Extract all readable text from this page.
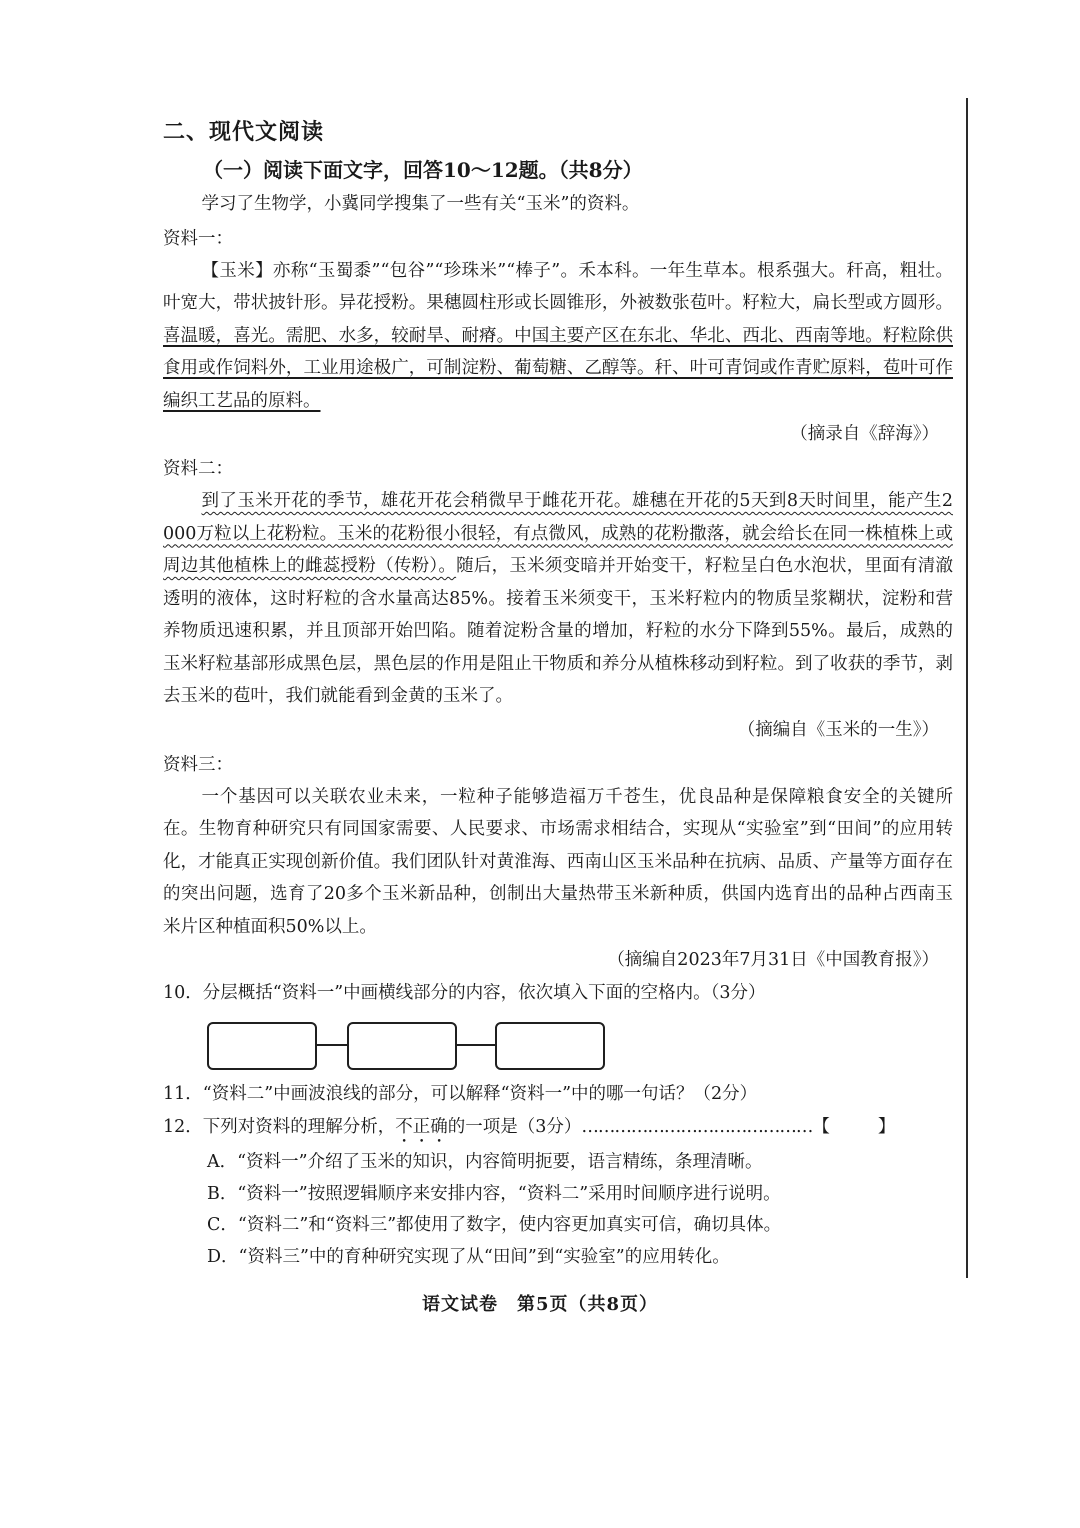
二、现代文阅读
（一）阅读下面文字，回答10～12题。（共8分）

学习了生物学，小冀同学搜集了一些有关“玉米”的资料。

资料一：

【玉米】亦称“玉蜀黍”“包谷”“珍珠米”“棒子”。禾本科。一年生草本。根系强大。秆高，粗壮。叶宽大，带状披针形。异花授粉。果穗圆柱形或长圆锥形，外被数张苞叶。籽粒大，扁长型或方圆形。喜温暖，喜光。需肥、水多，较耐旱、耐瘠。中国主要产区在东北、华北、西北、西南等地。籽粒除供食用或作饲料外，工业用途极广，可制淀粉、葡萄糖、乙醇等。秆、叶可青饲或作青贮原料，苞叶可作编织工艺品的原料。

（摘录自《辞海》）

资料二：

到了玉米开花的季节，雄花开花会稍微早于雌花开花。雄穗在开花的5天到8天时间里，能产生2 000万粒以上花粉粒。玉米的花粉很小很轻，有点微风，成熟的花粉撒落，就会给长在同一株植株上或周边其他植株上的雌蕊授粉（传粉）。随后，玉米须变暗并开始变干，籽粒呈白色水泡状，里面有清澈透明的液体，这时籽粒的含水量高达85%。接着玉米须变干，玉米籽粒内的物质呈浆糊状，淀粉和营养物质迅速积累，并且顶部开始凹陷。随着淀粉含量的增加，籽粒的水分下降到55%。最后，成熟的玉米籽粒基部形成黑色层，黑色层的作用是阻止干物质和养分从植株移动到籽粒。到了收获的季节，剥去玉米的苞叶，我们就能看到金黄的玉米了。

（摘编自《玉米的一生》）

资料三：

一个基因可以关联农业未来，一粒种子能够造福万千苍生，优良品种是保障粮食安全的关键所在。生物育种研究只有同国家需要、人民要求、市场需求相结合，实现从“实验室”到“田间”的应用转化，才能真正实现创新价值。我们团队针对黄淮海、西南山区玉米品种在抗病、品质、产量等方面存在的突出问题，选育了20多个玉米新品种，创制出大量热带玉米新种质，供国内选育出的品种占西南玉米片区种植面积50%以上。

（摘编自2023年7月31日《中国教育报》）

10．分层概括“资料一”中画横线部分的内容，依次填入下面的空格内。（3分）

11．“资料二”中画波浪线的部分，可以解释“资料一”中的哪一句话？（2分）

12．下列对资料的理解分析，不正确的一项是（3分）……………………………………【	】

A．“资料一”介绍了玉米的知识，内容简明扼要，语言精练，条理清晰。

B．“资料一”按照逻辑顺序来安排内容，“资料二”采用时间顺序进行说明。

C．“资料二”和“资料三”都使用了数字，使内容更加真实可信，确切具体。

D．“资料三”中的育种研究实现了从“田间”到“实验室”的应用转化。

语文试卷　第5页（共8页）
